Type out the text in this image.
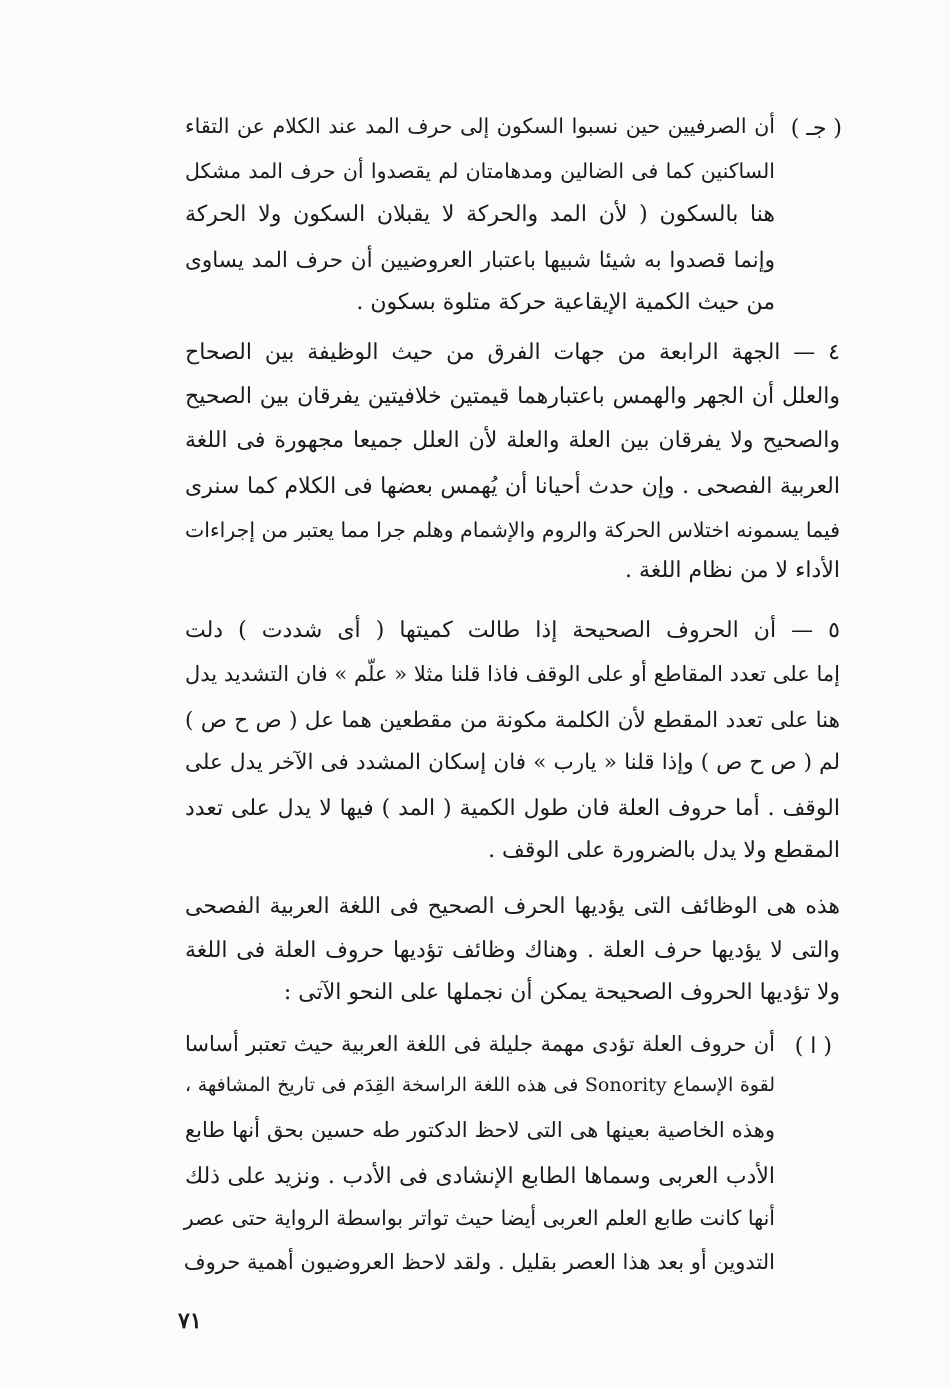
( جـ )
أن الصرفيين حين نسبوا السكون إلى حرف المد عند الكلام عن التقاء
الساكنين كما فى الضالين ومدهامتان لم يقصدوا أن حرف المد مشكل
هنا بالسكون ( لأن المد والحركة لا يقبلان السكون ولا الحركة
وإنما قصدوا به شيئا شبيها باعتبار العروضيين أن حرف المد يساوى
من حيث الكمية الإيقاعية حركة متلوة بسكون .
٤ — الجهة الرابعة من جهات الفرق من حيث الوظيفة بين الصحاح
والعلل أن الجهر والهمس باعتبارهما قيمتين خلافيتين يفرقان بين الصحيح
والصحيح ولا يفرقان بين العلة والعلة لأن العلل جميعا مجهورة فى اللغة
العربية الفصحى . وإن حدث أحيانا أن يُهمس بعضها فى الكلام كما سنرى
فيما يسمونه اختلاس الحركة والروم والإشمام وهلم جرا مما يعتبر من إجراءات
الأداء لا من نظام اللغة .
٥ — أن الحروف الصحيحة إذا طالت كميتها ( أى شددت ) دلت
إما على تعدد المقاطع أو على الوقف فاذا قلنا مثلا « علّم » فان التشديد يدل
هنا على تعدد المقطع لأن الكلمة مكونة من مقطعين هما عل ( ص ح ص )
لم ( ص ح ص ) وإذا قلنا « يارب » فان إسكان المشدد فى الآخر يدل على
الوقف . أما حروف العلة فان طول الكمية ( المد ) فيها لا يدل على تعدد
المقطع ولا يدل بالضرورة على الوقف .
هذه هى الوظائف التى يؤديها الحرف الصحيح فى اللغة العربية الفصحى
والتى لا يؤديها حرف العلة . وهناك وظائف تؤديها حروف العلة فى اللغة
ولا تؤديها الحروف الصحيحة يمكن أن نجملها على النحو الآتى :
( ا )
أن حروف العلة تؤدى مهمة جليلة فى اللغة العربية حيث تعتبر أساسا
لقوة الإسماع Sonority فى هذه اللغة الراسخة القِدَم فى تاريخ المشافهة ،
وهذه الخاصية بعينها هى التى لاحظ الدكتور طه حسين بحق أنها طابع
الأدب العربى وسماها الطابع الإنشادى فى الأدب . ونزيد على ذلك
أنها كانت طابع العلم العربى أيضا حيث تواتر بواسطة الرواية حتى عصر
التدوين أو بعد هذا العصر بقليل . ولقد لاحظ العروضيون أهمية حروف
٧١
